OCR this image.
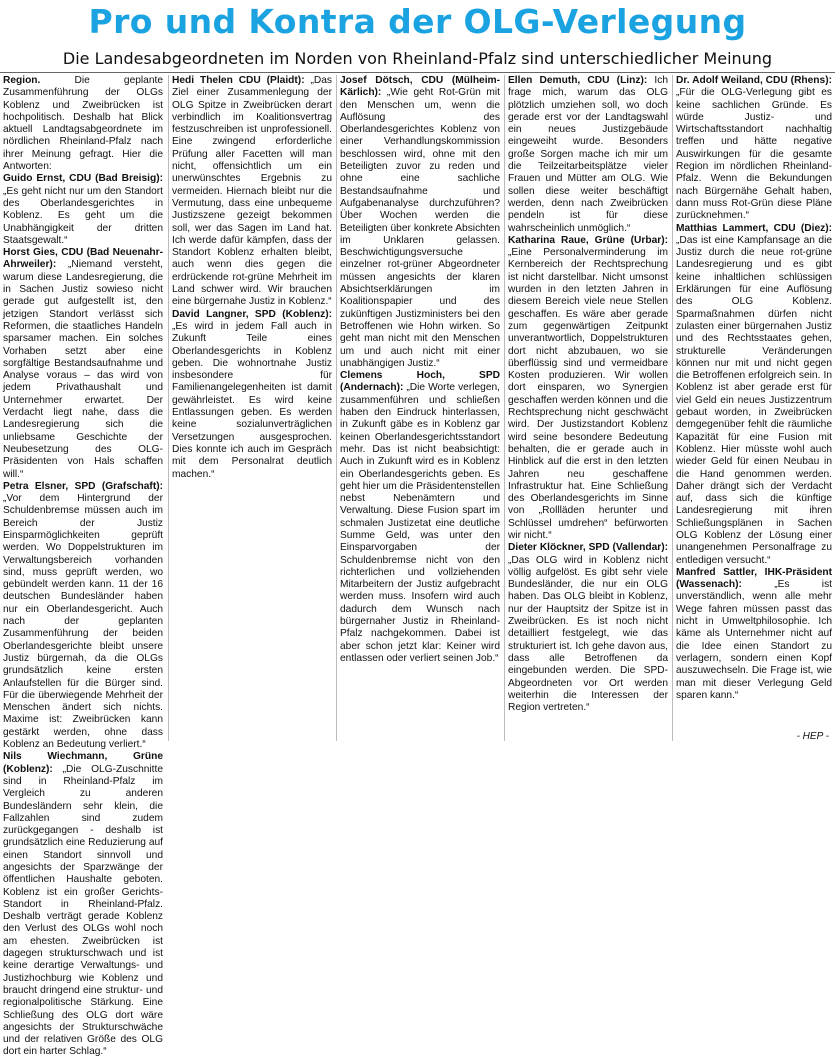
Pro und Kontra der OLG-Verlegung
Die Landesabgeordneten im Norden von Rheinland-Pfalz sind unterschiedlicher Meinung

Region. Die geplante Zusammenführung der OLGs Koblenz und Zweibrücken ist hochpolitisch. Deshalb hat Blick aktuell Landtagsabgeordnete im nördlichen Rheinland-Pfalz nach ihrer Meinung gefragt. Hier die Antworten:

Guido Ernst, CDU (Bad Breisig): „Es geht nicht nur um den Standort des Oberlandesgerichtes in Koblenz. Es geht um die Unabhängigkeit der dritten Staatsgewalt.“

Horst Gies, CDU (Bad Neuenahr-Ahrweiler): „Niemand versteht, warum diese Landesregierung, die in Sachen Justiz sowieso nicht gerade gut aufgestellt ist, den jetzigen Standort verlässt sich Reformen, die staatliches Handeln sparsamer machen. Ein solches Vorhaben setzt aber eine sorgfältige Bestandsaufnahme und Analyse voraus – das wird von jedem Privathaushalt und Unternehmer erwartet. Der Verdacht liegt nahe, dass die Landesregierung sich die unliebsame Geschichte der Neubesetzung des OLG-Präsidenten von Hals schaffen will.“

Petra Elsner, SPD (Grafschaft): „Vor dem Hintergrund der Schuldenbremse müssen auch im Bereich der Justiz Einsparmöglichkeiten geprüft werden. Wo Doppelstrukturen im Verwaltungsbereich vorhanden sind, muss geprüft werden, wo gebündelt werden kann. 11 der 16 deutschen Bundesländer haben nur ein Oberlandesgericht. Auch nach der geplanten Zusammenführung der beiden Oberlandesgerichte bleibt unsere Justiz bürgernah, da die OLGs grundsätzlich keine ersten Anlaufstellen für die Bürger sind. Für die überwiegende Mehrheit der Menschen ändert sich nichts. Maxime ist: Zweibrücken kann gestärkt werden, ohne dass Koblenz an Bedeutung verliert.“

Nils Wiechmann, Grüne (Koblenz): „Die OLG-Zuschnitte sind in Rheinland-Pfalz im Vergleich zu anderen Bundesländern sehr klein, die Fallzahlen sind zudem zurückgegangen - deshalb ist grundsätzlich eine Reduzierung auf einen Standort sinnvoll und angesichts der Sparzwänge der öffentlichen Haushalte geboten. Koblenz ist ein großer Gerichts-Standort in Rheinland-Pfalz. Deshalb verträgt gerade Koblenz den Verlust des OLGs wohl noch am ehesten. Zweibrücken ist dagegen strukturschwach und ist keine derartige Verwaltungs- und Justizhochburg wie Koblenz und braucht dringend eine struktur- und regionalpolitische Stärkung. Eine Schließung des OLG dort wäre angesichts der Strukturschwäche und der relativen Größe des OLG dort ein harter Schlag.“

Hedi Thelen CDU (Plaidt): „Das Ziel einer Zusammenlegung der OLG Spitze in Zweibrücken derart verbindlich im Koalitionsvertrag festzuschreiben ist unprofessionell. Eine zwingend erforderliche Prüfung aller Facetten will man nicht, offensichtlich um ein unerwünschtes Ergebnis zu vermeiden. Hiernach bleibt nur die Vermutung, dass eine unbequeme Justizszene gezeigt bekommen soll, wer das Sagen im Land hat. Ich werde dafür kämpfen, dass der Standort Koblenz erhalten bleibt, auch wenn dies gegen die erdrückende rot-grüne Mehrheit im Land schwer wird. Wir brauchen eine bürgernahe Justiz in Koblenz.“

David Langner, SPD (Koblenz): „Es wird in jedem Fall auch in Zukunft Teile eines Oberlandesgerichts in Koblenz geben. Die wohnortnahe Justiz insbesondere für Familienangelegenheiten ist damit gewährleistet. Es wird keine Entlassungen geben. Es werden keine sozialunverträglichen Versetzungen ausgesprochen. Dies konnte ich auch im Gespräch mit dem Personalrat deutlich machen.“

Josef Dötsch, CDU (Mülheim-Kärlich): „Wie geht Rot-Grün mit den Menschen um, wenn die Auflösung des Oberlandesgerichtes Koblenz von einer Verhandlungskommission beschlossen wird, ohne mit den Beteiligten zuvor zu reden und ohne eine sachliche Bestandsaufnahme und Aufgabenanalyse durchzuführen? Über Wochen werden die Beteiligten über konkrete Absichten im Unklaren gelassen. Beschwichtigungsversuche einzelner rot-grüner Abgeordneter müssen angesichts der klaren Absichtserklärungen im Koalitionspapier und des zukünftigen Justizministers bei den Betroffenen wie Hohn wirken. So geht man nicht mit den Menschen um und auch nicht mit einer unabhängigen Justiz.“

Clemens Hoch, SPD (Andernach): „Die Worte verlegen, zusammenführen und schließen haben den Eindruck hinterlassen, in Zukunft gäbe es in Koblenz gar keinen Oberlandesgerichtsstandort mehr. Das ist nicht beabsichtigt: Auch in Zukunft wird es in Koblenz ein Oberlandesgerichts geben. Es geht hier um die Präsidentenstellen nebst Nebenämtern und Verwaltung. Diese Fusion spart im schmalen Justizetat eine deutliche Summe Geld, was unter den Einsparvorgaben der Schuldenbremse nicht von den richterlichen und vollziehenden Mitarbeitern der Justiz aufgebracht werden muss. Insofern wird auch dadurch dem Wunsch nach bürgernaher Justiz in Rheinland-Pfalz nachgekommen. Dabei ist aber schon jetzt klar: Keiner wird entlassen oder verliert seinen Job.“

Ellen Demuth, CDU (Linz): Ich frage mich, warum das OLG plötzlich umziehen soll, wo doch gerade erst vor der Landtagswahl ein neues Justizgebäude eingeweiht wurde. Besonders große Sorgen mache ich mir um die Teilzeitarbeitsplätze vieler Frauen und Mütter am OLG. Wie sollen diese weiter beschäftigt werden, denn nach Zweibrücken pendeln ist für diese wahrscheinlich unmöglich.“

Katharina Raue, Grüne (Urbar): „Eine Personalverminderung im Kernbereich der Rechtsprechung ist nicht darstellbar. Nicht umsonst wurden in den letzten Jahren in diesem Bereich viele neue Stellen geschaffen. Es wäre aber gerade zum gegenwärtigen Zeitpunkt unverantwortlich, Doppelstrukturen dort nicht abzubauen, wo sie überflüssig sind und vermeidbare Kosten produzieren. Wir wollen dort einsparen, wo Synergien geschaffen werden können und die Rechtsprechung nicht geschwächt wird. Der Justizstandort Koblenz wird seine besondere Bedeutung behalten, die er gerade auch in Hinblick auf die erst in den letzten Jahren neu geschaffene Infrastruktur hat. Eine Schließung des Oberlandesgerichts im Sinne von „Rollläden herunter und Schlüssel umdrehen“ befürworten wir nicht.“

Dieter Klöckner, SPD (Vallendar): „Das OLG wird in Koblenz nicht völlig aufgelöst. Es gibt sehr viele Bundesländer, die nur ein OLG haben. Das OLG bleibt in Koblenz, nur der Hauptsitz der Spitze ist in Zweibrücken. Es ist noch nicht detailliert festgelegt, wie das strukturiert ist. Ich gehe davon aus, dass alle Betroffenen da eingebunden werden. Die SPD-Abgeordneten vor Ort werden weiterhin die Interessen der Region vertreten.“

Dr. Adolf Weiland, CDU (Rhens): „Für die OLG-Verlegung gibt es keine sachlichen Gründe. Es würde Justiz- und Wirtschaftsstandort nachhaltig treffen und hätte negative Auswirkungen für die gesamte Region im nördlichen Rheinland-Pfalz. Wenn die Bekundungen nach Bürgernähe Gehalt haben, dann muss Rot-Grün diese Pläne zurücknehmen.“

Matthias Lammert, CDU (Diez): „Das ist eine Kampfansage an die Justiz durch die neue rot-grüne Landesregierung und es gibt keine inhaltlichen schlüssigen Erklärungen für eine Auflösung des OLG Koblenz. Sparmaßnahmen dürfen nicht zulasten einer bürgernahen Justiz und des Rechtsstaates gehen, strukturelle Veränderungen können nur mit und nicht gegen die Betroffenen erfolgreich sein. In Koblenz ist aber gerade erst für viel Geld ein neues Justizzentrum gebaut worden, in Zweibrücken demgegenüber fehlt die räumliche Kapazität für eine Fusion mit Koblenz. Hier müsste wohl auch wieder Geld für einen Neubau in die Hand genommen werden. Daher drängt sich der Verdacht auf, dass sich die künftige Landesregierung mit ihren Schließungsplänen in Sachen OLG Koblenz der Lösung einer unangenehmen Personalfrage zu entledigen versucht.“

Manfred Sattler, IHK-Präsident (Wassenach): „Es ist unverständlich, wenn alle mehr Wege fahren müssen passt das nicht in Umweltphilosophie. Ich käme als Unternehmer nicht auf die Idee einen Standort zu verlagern, sondern einen Kopf auszuwechseln. Die Frage ist, wie man mit dieser Verlegung Geld sparen kann.“

- HEP -
